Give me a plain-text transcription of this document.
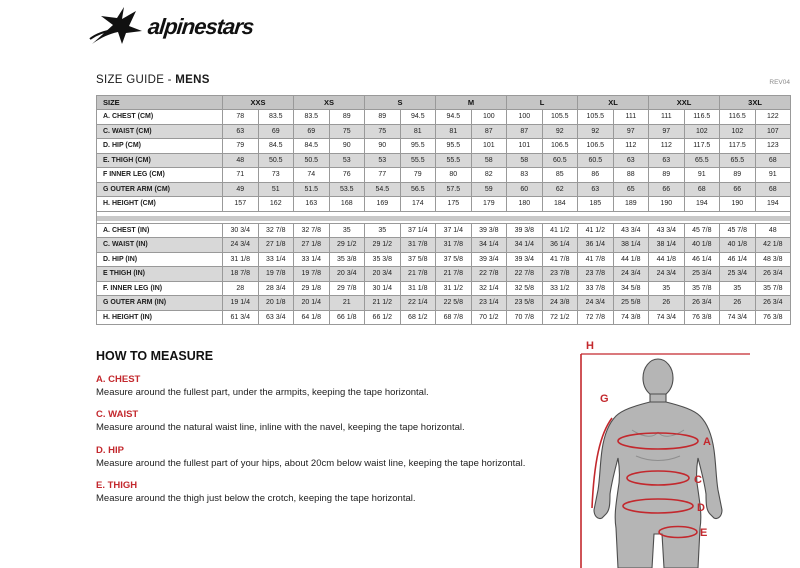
alpinestars
SIZE GUIDE - MENS	REV04
SIZE	XXS		XS		S		M		L		XL		XXL		3XL	
A. CHEST (CM)	78	83.5	83.5	89	89	94.5	94.5	100	100	105.5	105.5	111	111	116.5	116.5	122
C. WAIST (CM)	63	69	69	75	75	81	81	87	87	92	92	97	97	102	102	107
D. HIP (CM)	79	84.5	84.5	90	90	95.5	95.5	101	101	106.5	106.5	112	112	117.5	117.5	123
E. THIGH (CM)	48	50.5	50.5	53	53	55.5	55.5	58	58	60.5	60.5	63	63	65.5	65.5	68
F INNER LEG (CM)	71	73	74	76	77	79	80	82	83	85	86	88	89	91	89	91
G OUTER ARM (CM)	49	51	51.5	53.5	54.5	56.5	57.5	59	60	62	63	65	66	68	66	68
H. HEIGHT (CM)	157	162	163	168	169	174	175	179	180	184	185	189	190	194	190	194

A. CHEST (IN)	30 3/4	32 7/8	32 7/8	35	35	37 1/4	37 1/4	39 3/8	39 3/8	41 1/2	41 1/2	43 3/4	43 3/4	45 7/8	45 7/8	48
C. WAIST (IN)	24 3/4	27 1/8	27 1/8	29 1/2	29 1/2	31 7/8	31 7/8	34 1/4	34 1/4	36 1/4	36 1/4	38 1/4	38 1/4	40 1/8	40 1/8	42 1/8
D. HIP (IN)	31 1/8	33 1/4	33 1/4	35 3/8	35 3/8	37 5/8	37 5/8	39 3/4	39 3/4	41 7/8	41 7/8	44 1/8	44 1/8	46 1/4	46 1/4	48 3/8
E THIGH (IN)	18 7/8	19 7/8	19 7/8	20 3/4	20 3/4	21 7/8	21 7/8	22 7/8	22 7/8	23 7/8	23 7/8	24 3/4	24 3/4	25 3/4	25 3/4	26 3/4
F. INNER LEG (IN)	28	28 3/4	29 1/8	29 7/8	30 1/4	31 1/8	31 1/2	32 1/4	32 5/8	33 1/2	33 7/8	34 5/8	35	35 7/8	35	35 7/8
G OUTER ARM (IN)	19 1/4	20 1/8	20 1/4	21	21 1/2	22 1/4	22 5/8	23 1/4	23 5/8	24 3/8	24 3/4	25 5/8	26	26 3/4	26	26 3/4
H. HEIGHT (IN)	61 3/4	63 3/4	64 1/8	66 1/8	66 1/2	68 1/2	68 7/8	70 1/2	70 7/8	72 1/2	72 7/8	74 3/8	74 3/4	76 3/8	74 3/4	76 3/8
HOW TO MEASURE
A. CHEST
Measure around the fullest part, under the armpits, keeping the tape horizontal.
C. WAIST
Measure around the natural waist line, inline with the navel, keeping the tape horizontal.
D. HIP
Measure around the fullest part of your hips, about 20cm below waist line, keeping the tape horizontal.
E. THIGH
Measure around the thigh just below the crotch, keeping the tape horizontal.
H
G
A
C
D
E
